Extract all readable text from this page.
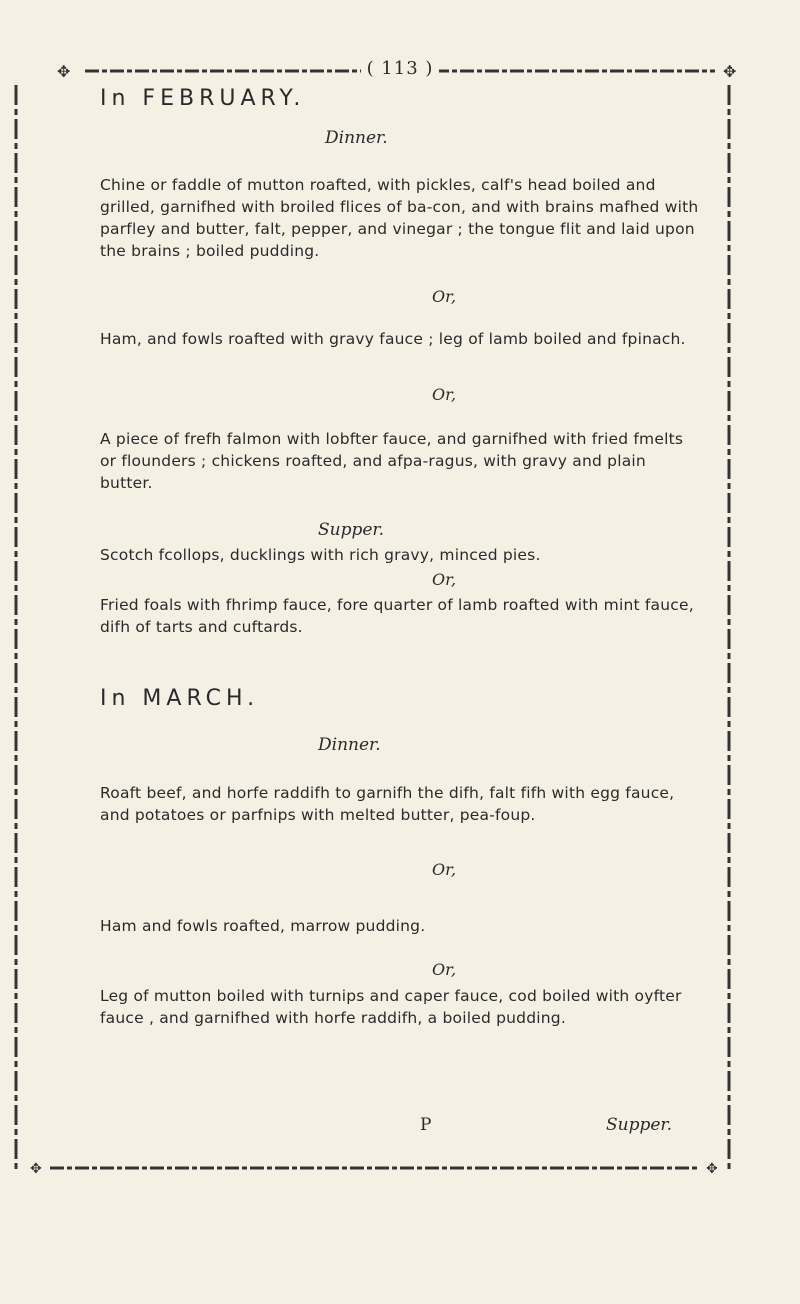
✥	✥
( 113 )
In FEBRUARY.
Dinner.
Chine or faddle of mutton roafted, with pickles, calf's head boiled and grilled, garnifhed with broiled flices of ba-con, and with brains mafhed with parfley and butter, falt, pepper, and vinegar ; the tongue flit and laid upon the brains ; boiled pudding.
Or,
Ham, and fowls roafted with gravy fauce ; leg of lamb boiled and fpinach.
Or,
A piece of frefh falmon with lobfter fauce, and garnifhed with fried fmelts or flounders ; chickens roafted, and afpa-ragus, with gravy and plain butter.
Supper.
Scotch fcollops, ducklings with rich gravy, minced pies.
Or,
Fried foals with fhrimp fauce, fore quarter of lamb roafted with mint fauce, difh of tarts and cuftards.
In MARCH.
Dinner.
Roaft beef, and horfe raddifh to garnifh the difh, falt fifh with egg fauce, and potatoes or parfnips with melted butter, pea-foup.
Or,
Ham and fowls roafted, marrow pudding.
Or,
Leg of mutton boiled with turnips and caper fauce, cod boiled with oyfter fauce , and garnifhed with horfe raddifh, a boiled pudding.
P	Supper.
✥	✥
